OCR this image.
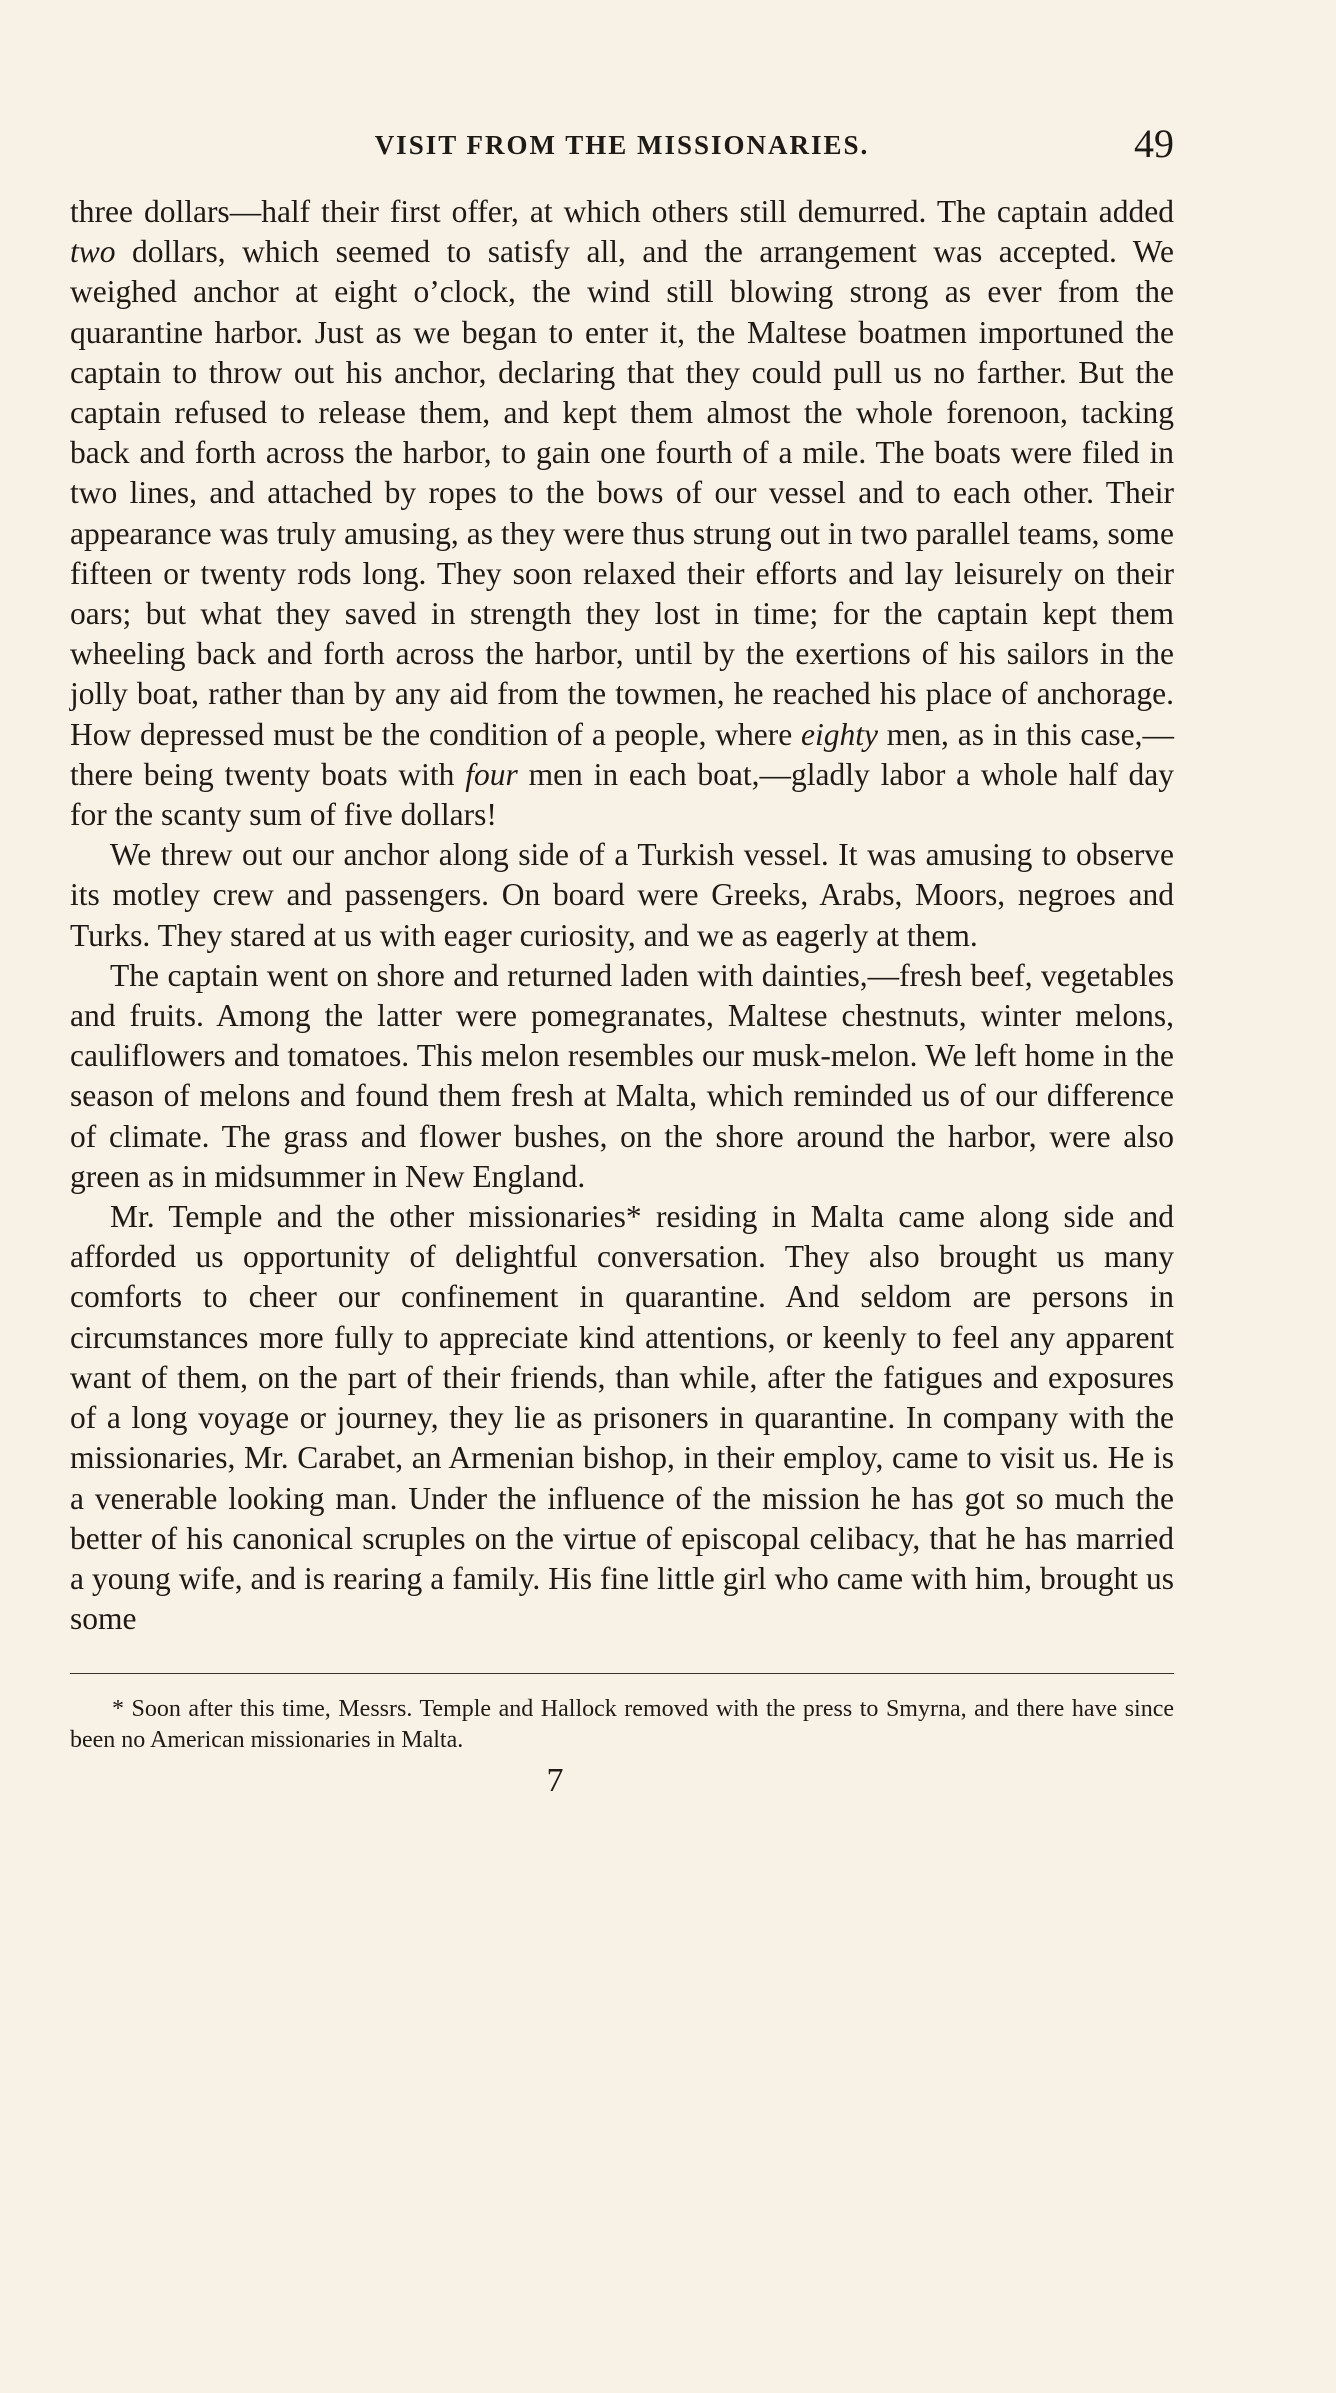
VISIT FROM THE MISSIONARIES.	49

three dollars—half their first offer, at which others still demurred. The captain added two dollars, which seemed to satisfy all, and the arrangement was accepted. We weighed anchor at eight o’clock, the wind still blowing strong as ever from the quarantine harbor. Just as we began to enter it, the Maltese boatmen importuned the captain to throw out his anchor, declaring that they could pull us no farther. But the captain refused to release them, and kept them almost the whole forenoon, tacking back and forth across the harbor, to gain one fourth of a mile. The boats were filed in two lines, and attached by ropes to the bows of our vessel and to each other. Their appearance was truly amusing, as they were thus strung out in two parallel teams, some fifteen or twenty rods long. They soon relaxed their efforts and lay leisurely on their oars; but what they saved in strength they lost in time; for the captain kept them wheeling back and forth across the harbor, until by the exertions of his sailors in the jolly boat, rather than by any aid from the towmen, he reached his place of anchorage. How depressed must be the condition of a people, where eighty men, as in this case,—there being twenty boats with four men in each boat,—gladly labor a whole half day for the scanty sum of five dollars!

We threw out our anchor along side of a Turkish vessel. It was amusing to observe its motley crew and passengers. On board were Greeks, Arabs, Moors, negroes and Turks. They stared at us with eager curiosity, and we as eagerly at them.

The captain went on shore and returned laden with dainties,—fresh beef, vegetables and fruits. Among the latter were pomegranates, Maltese chestnuts, winter melons, cauliflowers and tomatoes. This melon resembles our musk-melon. We left home in the season of melons and found them fresh at Malta, which reminded us of our difference of climate. The grass and flower bushes, on the shore around the harbor, were also green as in midsummer in New England.

Mr. Temple and the other missionaries* residing in Malta came along side and afforded us opportunity of delightful conversation. They also brought us many comforts to cheer our confinement in quarantine. And seldom are persons in circumstances more fully to appreciate kind attentions, or keenly to feel any apparent want of them, on the part of their friends, than while, after the fatigues and exposures of a long voyage or journey, they lie as prisoners in quarantine. In company with the missionaries, Mr. Carabet, an Armenian bishop, in their employ, came to visit us. He is a venerable looking man. Under the influence of the mission he has got so much the better of his canonical scruples on the virtue of episcopal celibacy, that he has married a young wife, and is rearing a family. His fine little girl who came with him, brought us some

* Soon after this time, Messrs. Temple and Hallock removed with the press to Smyrna, and there have since been no American missionaries in Malta.

7
